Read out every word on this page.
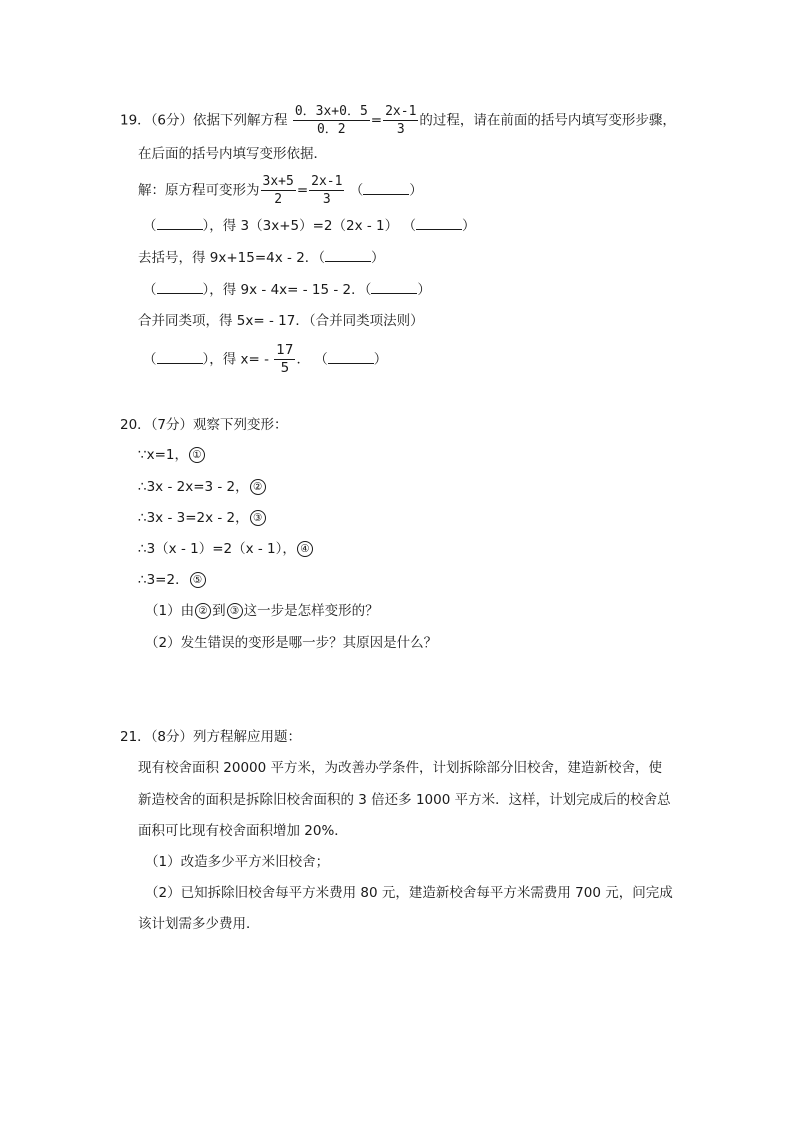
19．（6分）依据下列解方程 $\frac{0.3x+0.5}{0.2} = \frac{2x-1}{3}$ 的过程，请在前面的括号内填写变形步骤，
在后面的括号内填写变形依据．
解：原方程可变形为 $\frac{3x+5}{2} = \frac{2x-1}{3}$ （	）
（	），得 3（3x+5）=2（2x - 1） （	）
去括号，得 9x+15=4x - 2．（	）
（	），得 9x - 4x= - 15 - 2．（	）
合并同类项，得 5x= - 17．（合并同类项法则）
（	），得 $x= - \frac{17}{5}$ ． （	）
20．（7分）观察下列变形：
∵x=1， ①
∴3x - 2x=3 - 2， ②
∴3x - 3=2x - 2， ③
∴3（x - 1）=2（x - 1）， ④
∴3=2． ⑤
（1）由 ② 到 ③ 这一步是怎样变形的？
（2）发生错误的变形是哪一步？其原因是什么？
21．（8分）列方程解应用题：
现有校舍面积 20000 平方米，为改善办学条件，计划拆除部分旧校舍，建造新校舍，使
新造校舍的面积是拆除旧校舍面积的 3 倍还多 1000 平方米．这样，计划完成后的校舍总
面积可比现有校舍面积增加 20%．
（1）改造多少平方米旧校舍；
（2）已知拆除旧校舍每平方米费用 80 元，建造新校舍每平方米需费用 700 元，问完成
该计划需多少费用．
